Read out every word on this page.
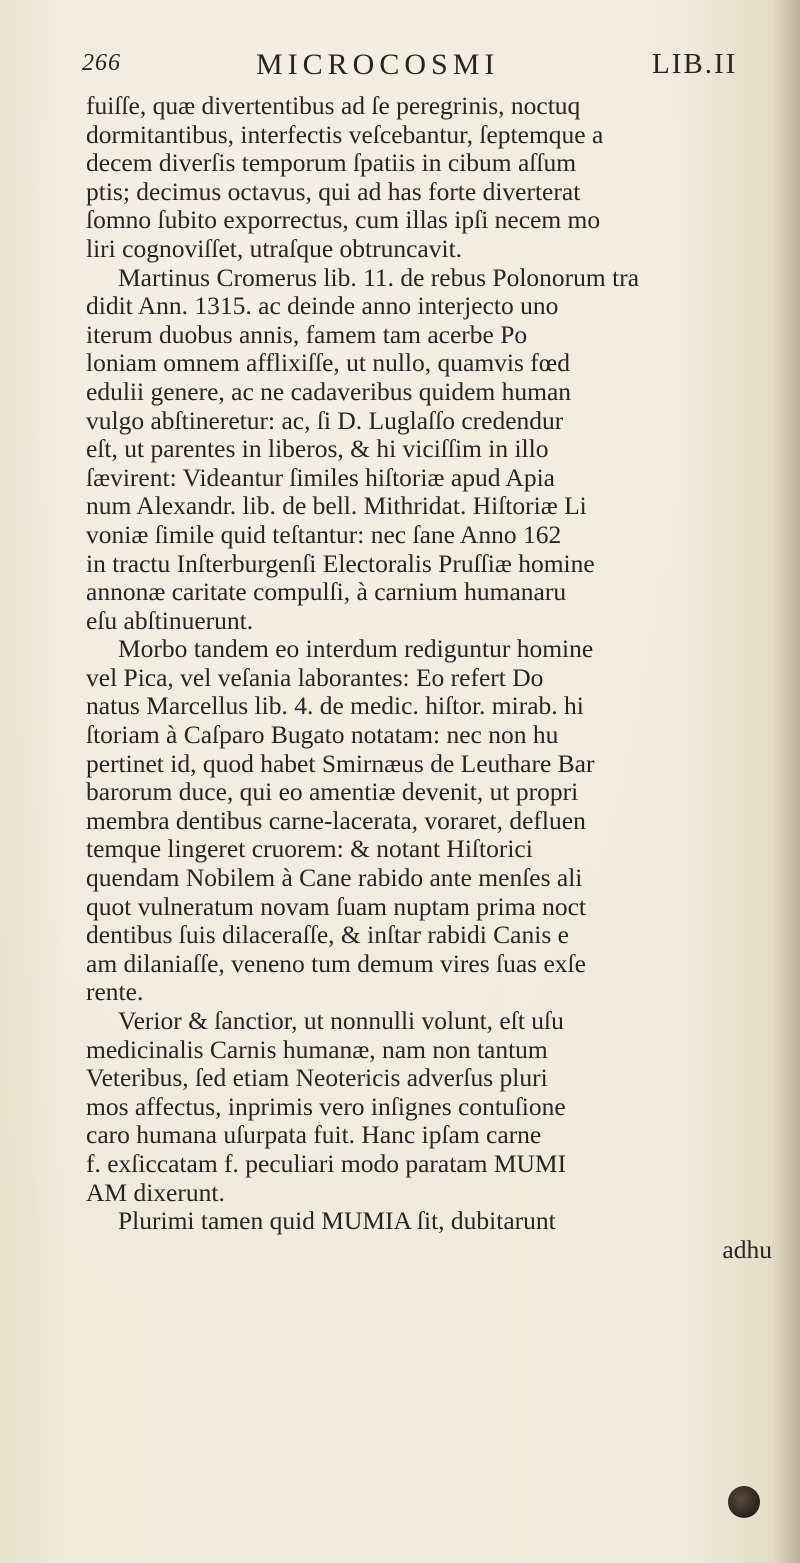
266	MICROCOSMI	LIB.II
fuiſſe, quæ divertentibus ad ſe peregrinis, noctuq
dormitantibus, interfectis veſcebantur, ſeptemque a
decem diverſis temporum ſpatiis in cibum aſſum
ptis; decimus octavus, qui ad has forte diverterat
ſomno ſubito exporrectus, cum illas ipſi necem mo
liri cognoviſſet, utraſque obtruncavit.
Martinus Cromerus lib. 11. de rebus Polonorum tra
didit Ann. 1315. ac deinde anno interjecto uno
iterum duobus annis, famem tam acerbe Po
loniam omnem afflixiſſe, ut nullo, quamvis fœd
edulii genere, ac ne cadaveribus quidem human
vulgo abſtineretur: ac, ſi D. Luglaſſo credendur
eſt, ut parentes in liberos, & hi viciſſim in illo
ſævirent: Videantur ſimiles hiſtoriæ apud Apia
num Alexandr. lib. de bell. Mithridat. Hiſtoriæ Li
voniæ ſimile quid teſtantur: nec ſane Anno 162
in tractu Inſterburgenſi Electoralis Pruſſiæ homine
annonæ caritate compulſi, à carnium humanaru
eſu abſtinuerunt.
Morbo tandem eo interdum rediguntur homine
vel Pica, vel veſania laborantes: Eo refert Do
natus Marcellus lib. 4. de medic. hiſtor. mirab. hi
ſtoriam à Caſparo Bugato notatam: nec non hu
pertinet id, quod habet Smirnæus de Leuthare Bar
barorum duce, qui eo amentiæ devenit, ut propri
membra dentibus carne-lacerata, voraret, defluen
temque lingeret cruorem: & notant Hiſtorici
quendam Nobilem à Cane rabido ante menſes ali
quot vulneratum novam ſuam nuptam prima noct
dentibus ſuis dilaceraſſe, & inſtar rabidi Canis e
am dilaniaſſe, veneno tum demum vires ſuas exſe
rente.
Verior & ſanctior, ut nonnulli volunt, eſt uſu
medicinalis Carnis humanæ, nam non tantum
Veteribus, ſed etiam Neotericis adverſus pluri
mos affectus, inprimis vero inſignes contuſione
caro humana uſurpata fuit. Hanc ipſam carne
f. exſiccatam f. peculiari modo paratam MUMI
AM dixerunt.
Plurimi tamen quid MUMIA ſit, dubitarunt
adhu
